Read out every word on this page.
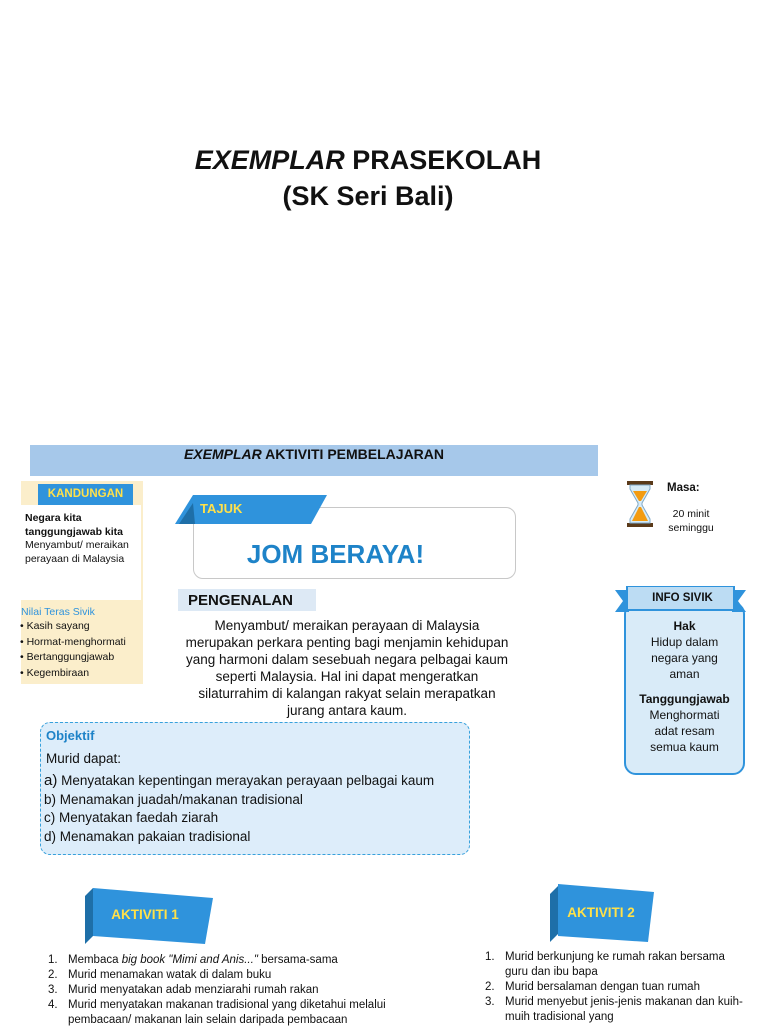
EXEMPLAR PRASEKOLAH
(SK Seri Bali)
EXEMPLAR AKTIVITI PEMBELAJARAN
KANDUNGAN
Negara kita tanggungjawab kita
Menyambut/ meraikan perayaan di Malaysia
Nilai Teras Sivik
• Kasih sayang
• Hormat-menghormati
• Bertanggungjawab
• Kegembiraan
TAJUK
JOM BERAYA!
PENGENALAN
Menyambut/ meraikan perayaan di Malaysia merupakan perkara penting bagi menjamin kehidupan yang harmoni dalam sesebuah negara pelbagai kaum seperti Malaysia. Hal ini dapat mengeratkan silaturrahim di kalangan rakyat selain merapatkan jurang antara kaum.
Masa:
20 minit seminggu
INFO SIVIK
Hak
Hidup dalam negara yang aman
Tanggungjawab
Menghormati adat resam semua kaum
Objektif
Murid dapat:
a) Menyatakan kepentingan merayakan perayaan pelbagai kaum
b) Menamakan juadah/makanan tradisional
c) Menyatakan faedah ziarah
d) Menamakan pakaian tradisional
AKTIVITI 1
1. Membaca big book "Mimi and Anis..." bersama-sama
2. Murid menamakan watak di dalam buku
3. Murid menyatakan adab menziarahi rumah rakan
4. Murid menyatakan makanan tradisional yang diketahui melalui pembacaan/ makanan lain selain daripada pembacaan
AKTIVITI 2
1. Murid berkunjung ke rumah rakan bersama guru dan ibu bapa
2. Murid bersalaman dengan tuan rumah
3. Murid menyebut jenis-jenis makanan dan kuih-muih tradisional yang
